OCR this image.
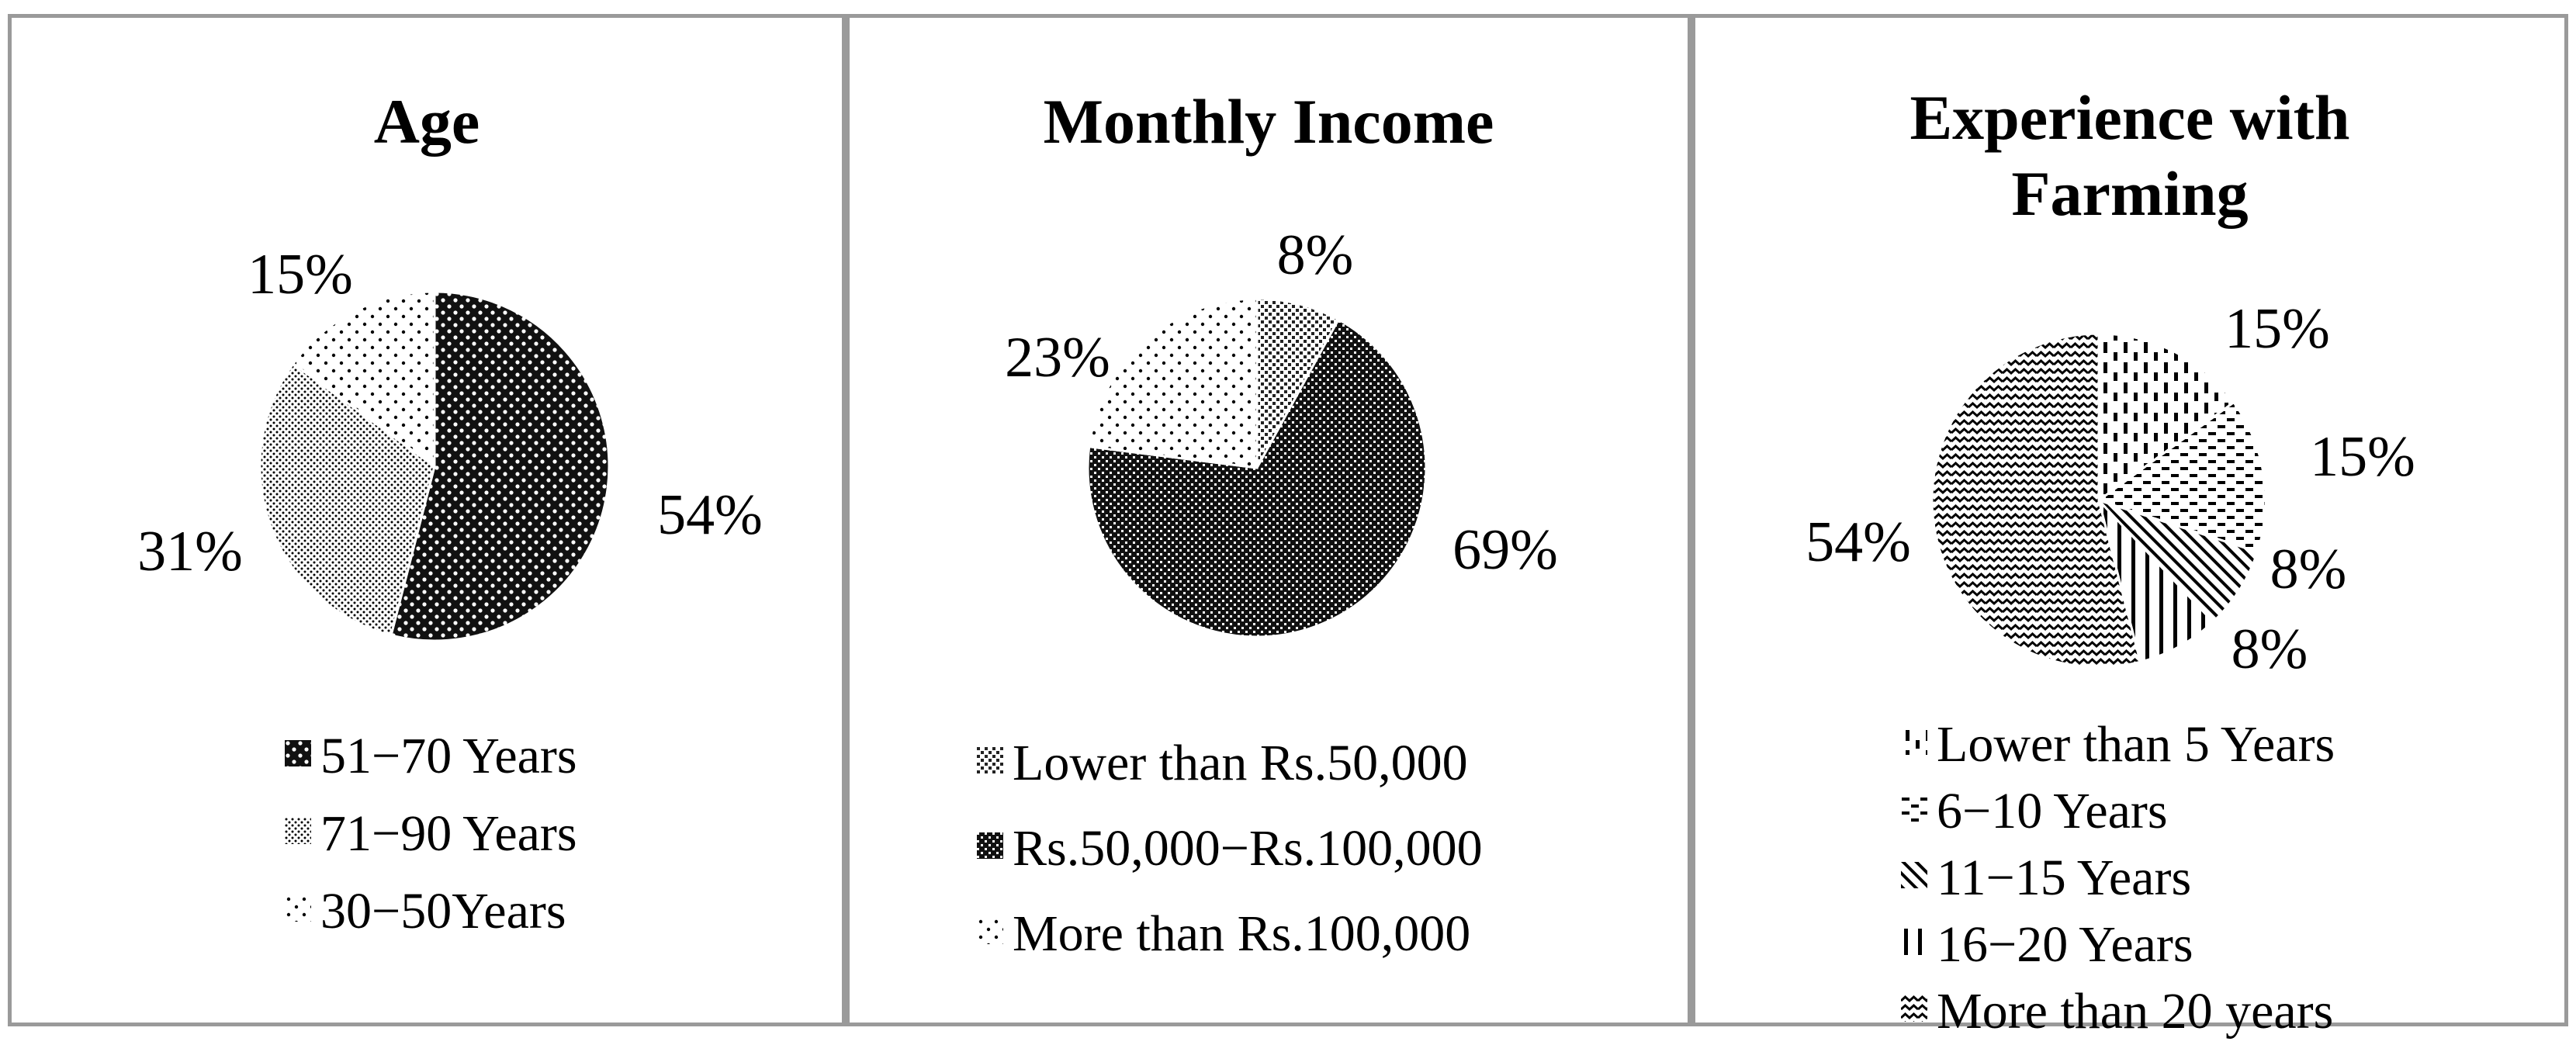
Age
54%
31%
15%
51−70 Years
71−90 Years
30−50Years
Monthly Income
8%
69%
23%
Lower than Rs.50,000
Rs.50,000−Rs.100,000
More than Rs.100,000
Experience with
Farming
15%
15%
8%
8%
54%
Lower than 5 Years
6−10 Years
11−15 Years
16−20 Years
More than 20 years
